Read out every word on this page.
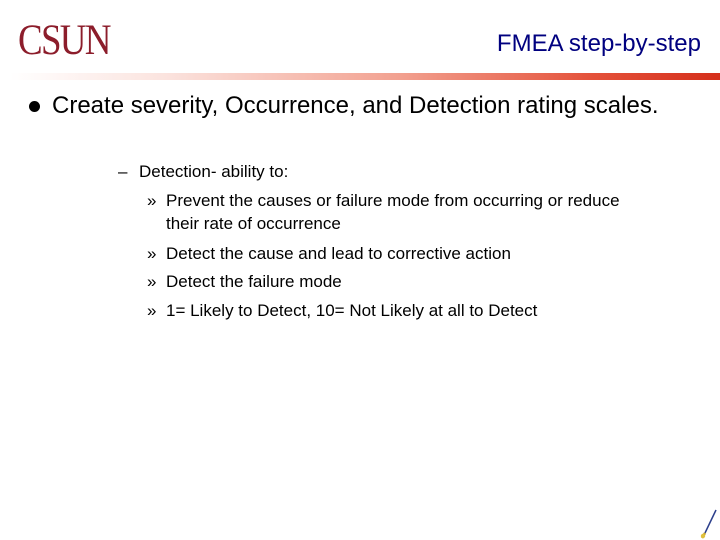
CSUN	FMEA step-by-step
Create severity, Occurrence, and Detection rating scales.
– Detection- ability to:
» Prevent the causes or failure mode from occurring or reduce their rate of occurrence
» Detect the cause and lead to corrective action
» Detect the failure mode
» 1= Likely to Detect, 10= Not Likely at all to Detect
